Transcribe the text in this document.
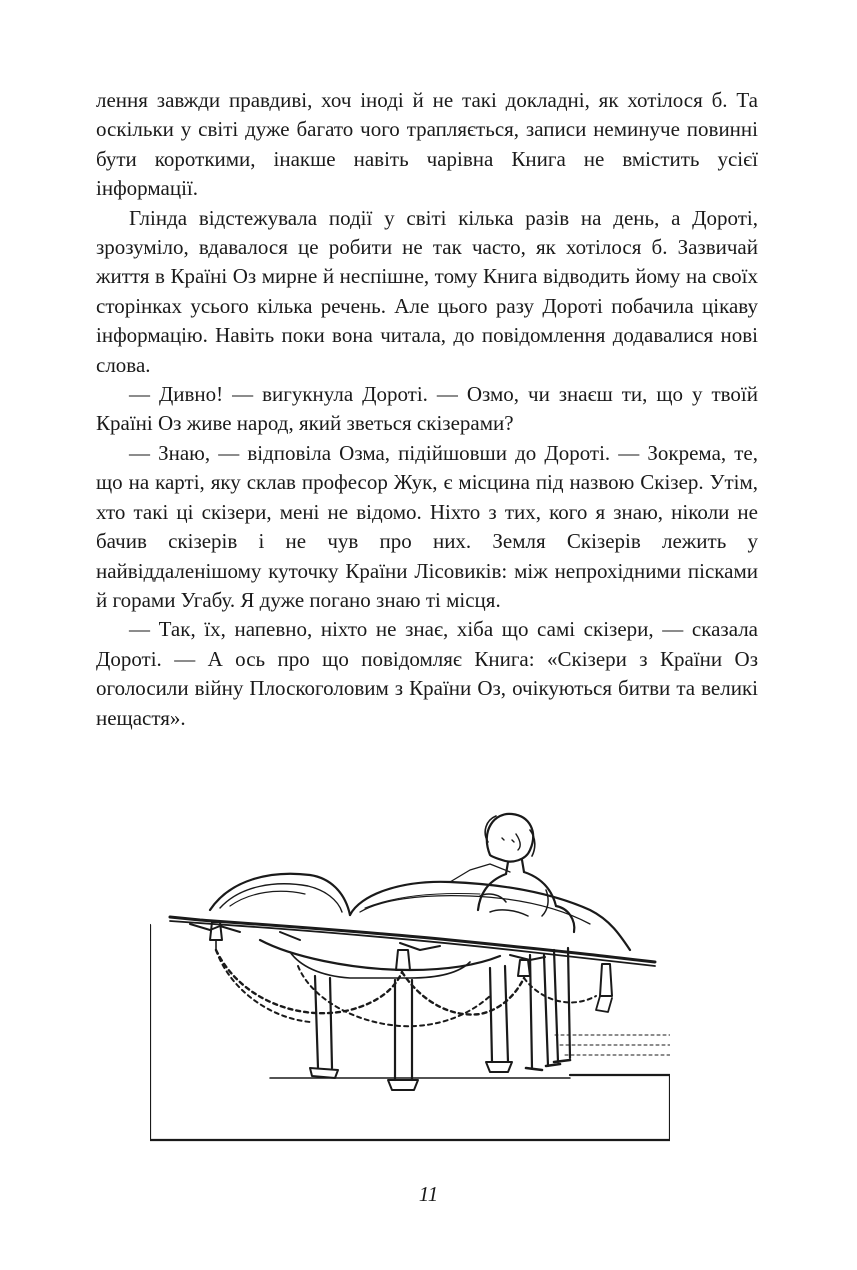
лення завжди правдиві, хоч іноді й не такі докладні, як хотілося б. Та оскільки у світі дуже багато чого трапляється, записи неминуче повинні бути короткими, інакше навіть чарівна Книга не вмістить усієї інформації.

Глінда відстежувала події у світі кілька разів на день, а Дороті, зрозуміло, вдавалося це робити не так часто, як хотілося б. Зазвичай життя в Країні Оз мирне й неспішне, тому Книга відводить йому на своїх сторінках усього кілька речень. Але цього разу Дороті побачила цікаву інформацію. Навіть поки вона читала, до повідомлення додавалися нові слова.

— Дивно! — вигукнула Дороті. — Озмо, чи знаєш ти, що у твоїй Країні Оз живе народ, який зветься скізерами?

— Знаю, — відповіла Озма, підійшовши до Дороті. — Зокрема, те, що на карті, яку склав професор Жук, є місцина під назвою Скізер. Утім, хто такі ці скізери, мені не відомо. Ніхто з тих, кого я знаю, ніколи не бачив скізерів і не чув про них. Земля Скізерів лежить у найвіддаленішому куточку Країни Лісовиків: між непрохідними пісками й горами Угабу. Я дуже погано знаю ті місця.

— Так, їх, напевно, ніхто не знає, хіба що самі скізери, — сказала Дороті. — А ось про що повідомляє Книга: «Скізери з Країни Оз оголосили війну Плоскоголовим з Країни Оз, очікуються битви та великі нещастя».

11
